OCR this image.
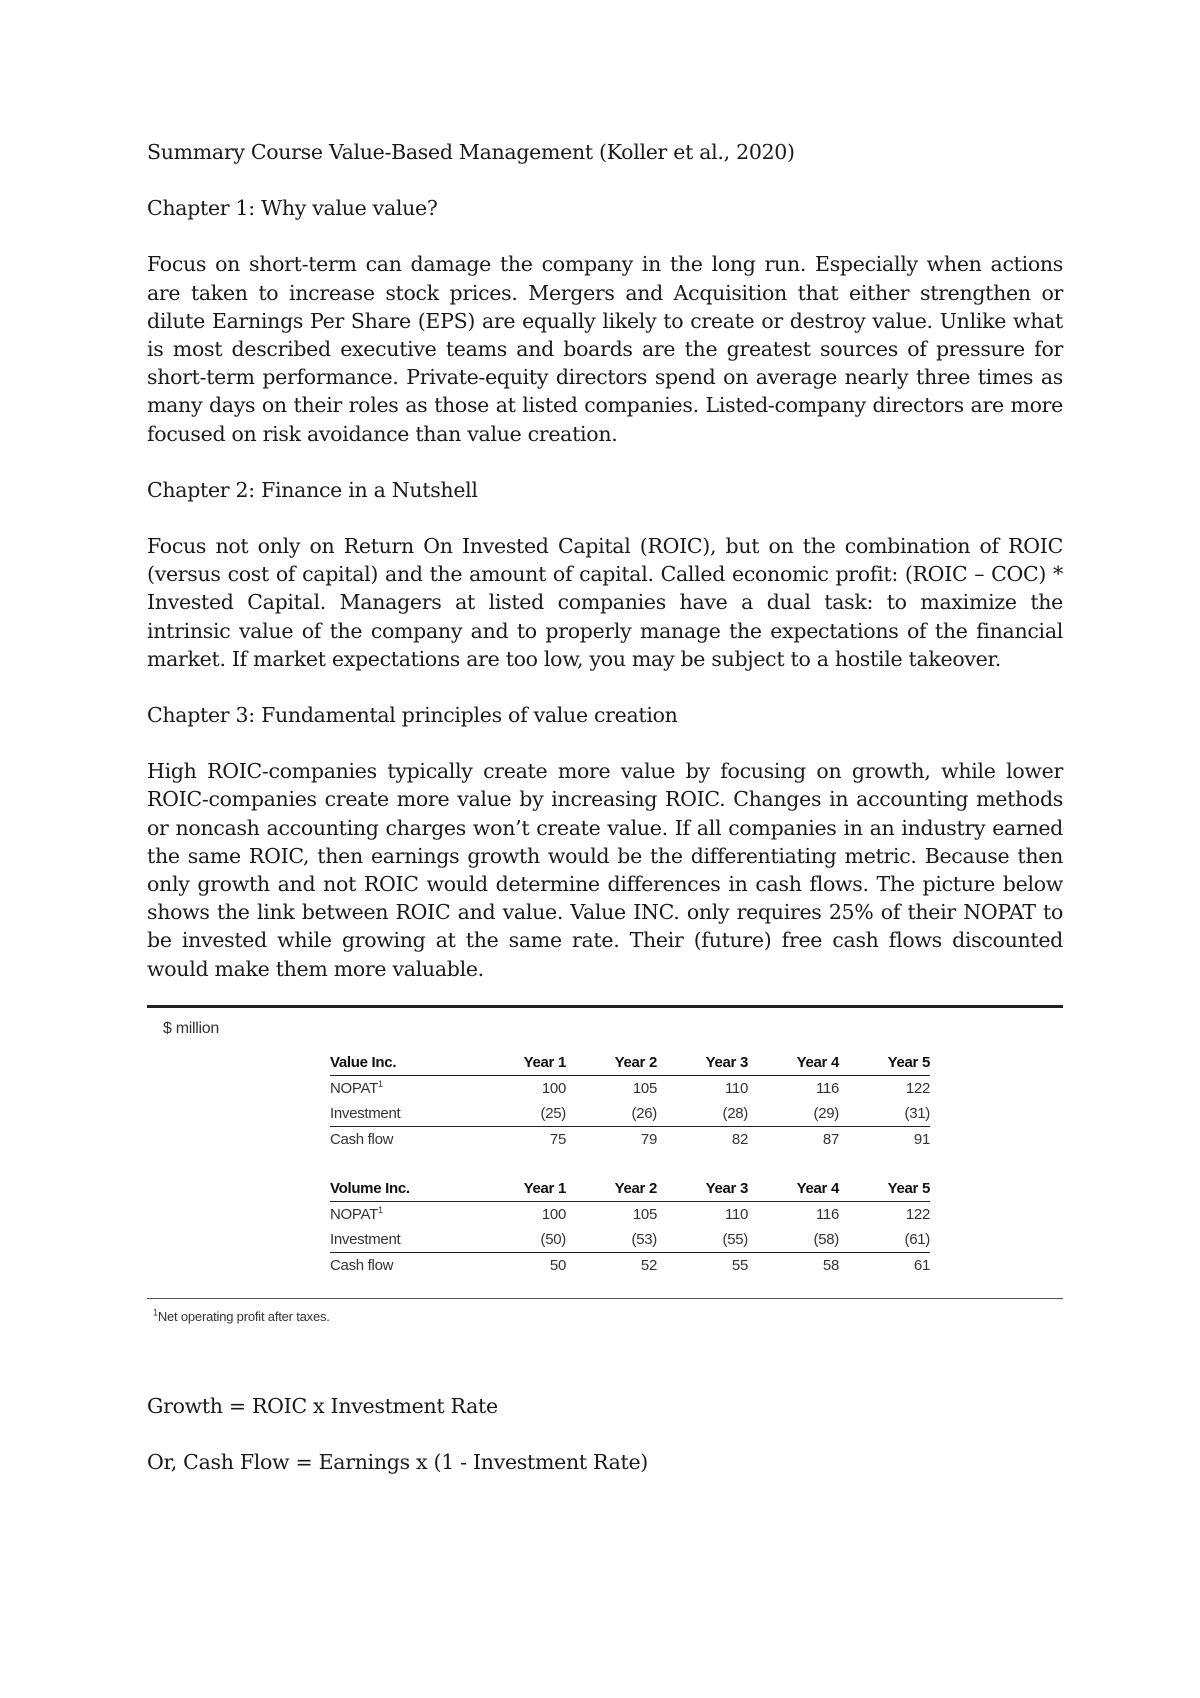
Summary Course Value-Based Management (Koller et al., 2020)

Chapter 1: Why value value?

Focus on short-term can damage the company in the long run. Especially when actions are taken to increase stock prices. Mergers and Acquisition that either strengthen or dilute Earnings Per Share (EPS) are equally likely to create or destroy value. Unlike what is most described executive teams and boards are the greatest sources of pressure for short-term performance. Private-equity directors spend on average nearly three times as many days on their roles as those at listed companies. Listed-company directors are more focused on risk avoidance than value creation.

Chapter 2: Finance in a Nutshell

Focus not only on Return On Invested Capital (ROIC), but on the combination of ROIC (versus cost of capital) and the amount of capital. Called economic profit: (ROIC – COC) * Invested Capital. Managers at listed companies have a dual task: to maximize the intrinsic value of the company and to properly manage the expectations of the financial market. If market expectations are too low, you may be subject to a hostile takeover.

Chapter 3: Fundamental principles of value creation

High ROIC-companies typically create more value by focusing on growth, while lower ROIC-companies create more value by increasing ROIC. Changes in accounting methods or noncash accounting charges won’t create value. If all companies in an industry earned the same ROIC, then earnings growth would be the differentiating metric. Because then only growth and not ROIC would determine differences in cash flows. The picture below shows the link between ROIC and value. Value INC. only requires 25% of their NOPAT to be invested while growing at the same rate. Their (future) free cash flows discounted would make them more valuable.

$ million
Value Inc.	Year 1	Year 2	Year 3	Year 4	Year 5
NOPAT$^1$	100	105	110	116	122
Investment	(25)	(26)	(28)	(29)	(31)
Cash flow	75	79	82	87	91
Volume Inc.	Year 1	Year 2	Year 3	Year 4	Year 5
NOPAT$^1$	100	105	110	116	122
Investment	(50)	(53)	(55)	(58)	(61)
Cash flow	50	52	55	58	61
$^1$Net operating profit after taxes.

Growth = ROIC x Investment Rate

Or, Cash Flow = Earnings x (1 - Investment Rate)
